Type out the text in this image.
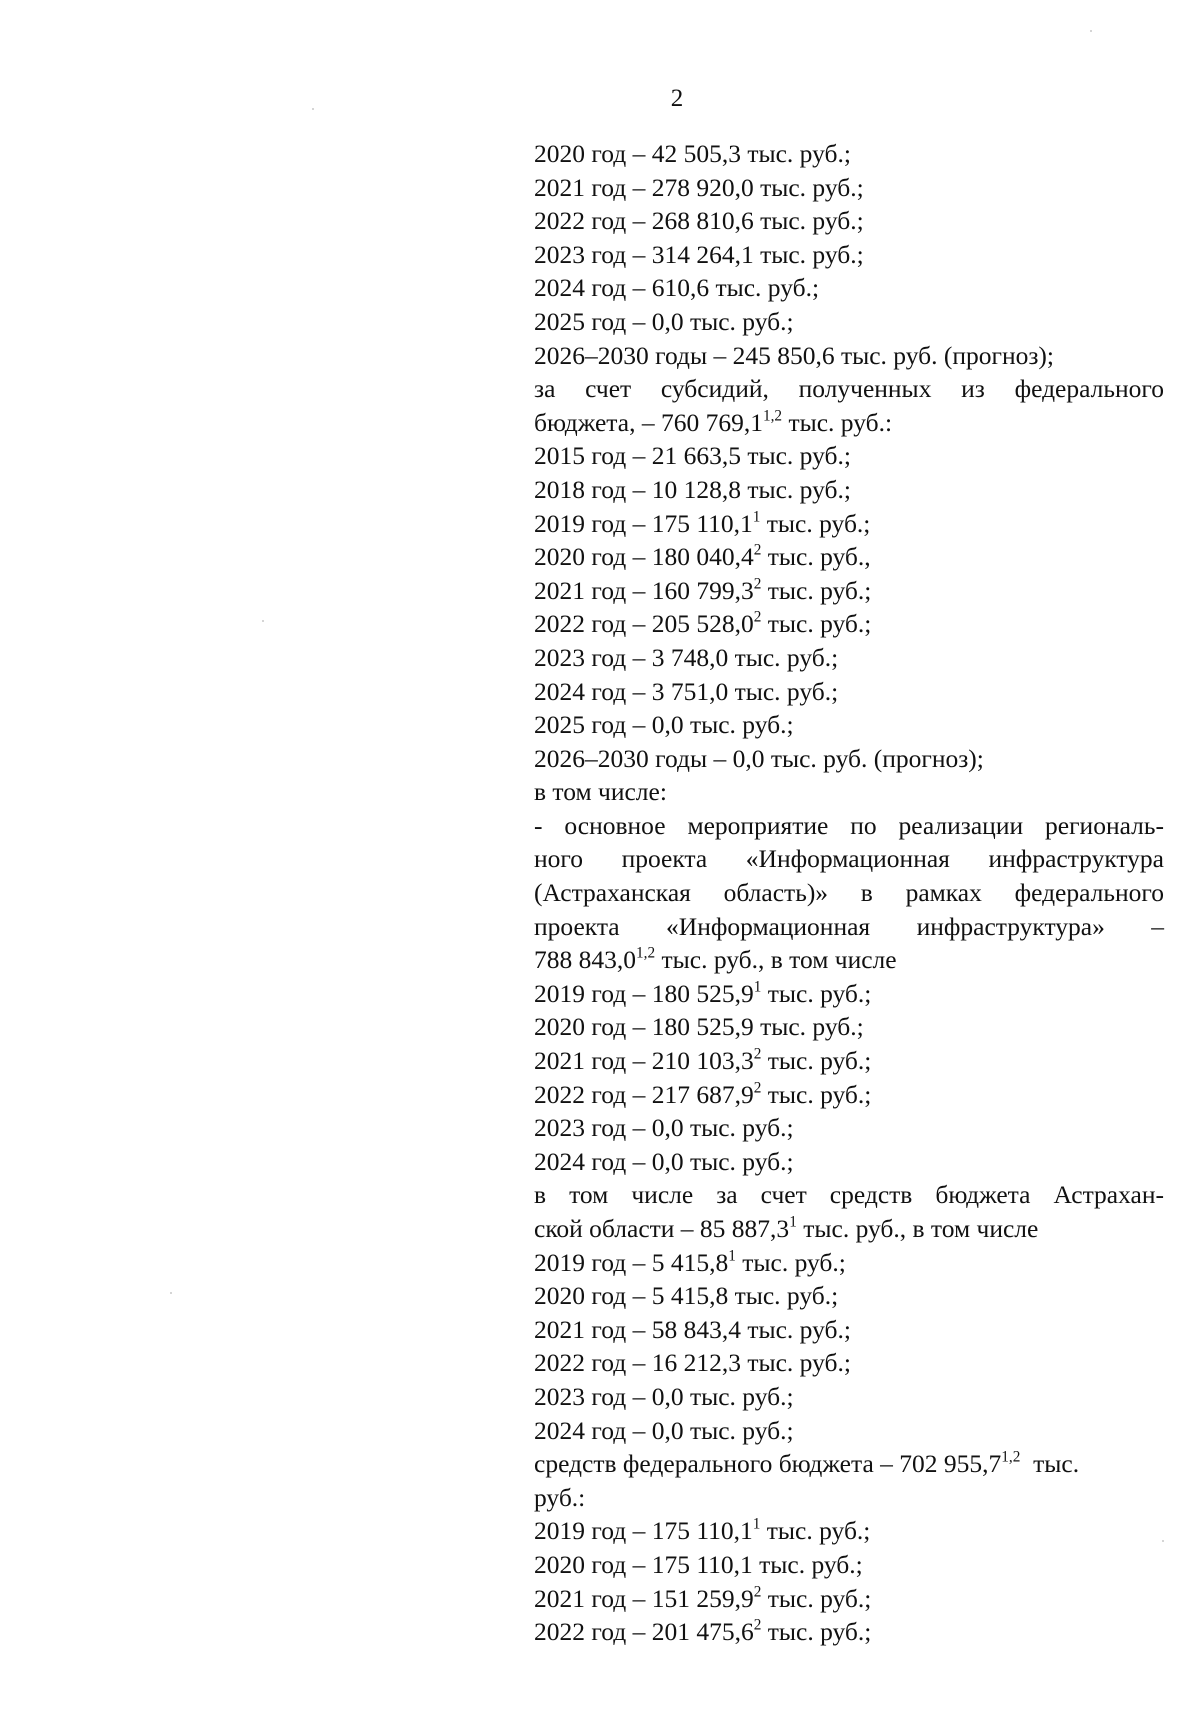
2
2020 год – 42 505,3 тыс. руб.;
2021 год – 278 920,0 тыс. руб.;
2022 год – 268 810,6 тыс. руб.;
2023 год – 314 264,1 тыс. руб.;
2024 год – 610,6 тыс. руб.;
2025 год – 0,0 тыс. руб.;
2026–2030 годы – 245 850,6 тыс. руб. (прогноз);
за счет субсидий, полученных из федерального
бюджета, – 760 769,1$^{1,2}$ тыс. руб.:
2015 год – 21 663,5 тыс. руб.;
2018 год – 10 128,8 тыс. руб.;
2019 год – 175 110,1$^1$ тыс. руб.;
2020 год – 180 040,4$^2$ тыс. руб.,
2021 год – 160 799,3$^2$ тыс. руб.;
2022 год – 205 528,0$^2$ тыс. руб.;
2023 год – 3 748,0 тыс. руб.;
2024 год – 3 751,0 тыс. руб.;
2025 год – 0,0 тыс. руб.;
2026–2030 годы – 0,0 тыс. руб. (прогноз);
в том числе:
- основное мероприятие по реализации региональ-
ного проекта «Информационная инфраструктура
(Астраханская область)» в рамках федерального
проекта «Информационная инфраструктура» –
788 843,0$^{1,2}$ тыс. руб., в том числе
2019 год – 180 525,9$^1$ тыс. руб.;
2020 год – 180 525,9 тыс. руб.;
2021 год – 210 103,3$^2$ тыс. руб.;
2022 год – 217 687,9$^2$ тыс. руб.;
2023 год – 0,0 тыс. руб.;
2024 год – 0,0 тыс. руб.;
в том числе за счет средств бюджета Астрахан-
ской области – 85 887,3$^1$ тыс. руб., в том числе
2019 год – 5 415,8$^1$ тыс. руб.;
2020 год – 5 415,8 тыс. руб.;
2021 год – 58 843,4 тыс. руб.;
2022 год – 16 212,3 тыс. руб.;
2023 год – 0,0 тыс. руб.;
2024 год – 0,0 тыс. руб.;
средств федерального бюджета – 702 955,7$^{1,2}$  тыс.
руб.:
2019 год – 175 110,1$^1$ тыс. руб.;
2020 год – 175 110,1 тыс. руб.;
2021 год – 151 259,9$^2$ тыс. руб.;
2022 год – 201 475,6$^2$ тыс. руб.;
